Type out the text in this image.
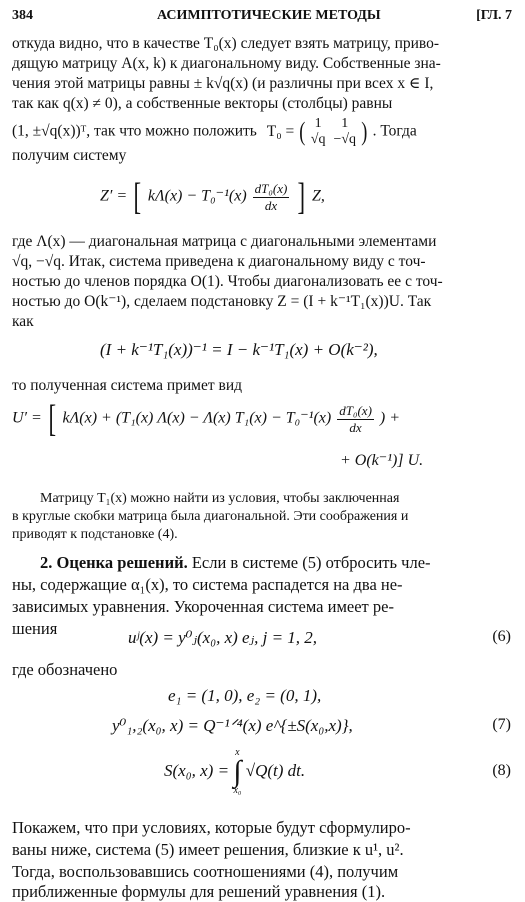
384	АСИМПТОТИЧЕСКИЕ МЕТОДЫ	[ГЛ. 7
откуда видно, что в качестве T₀(x) следует взять матрицу, приво-
дящую матрицу A(x, k) к диагональному виду. Собственные зна-
чения этой матрицы равны ± k√q(x) (и различны при всех x ∈ I,
так как q(x) ≠ 0), а собственные векторы (столбцы) равны
(1, ±√q(x))ᵀ, так что можно положить T₀ = ( 1	1
√q	−√q ) . Тогда
получим систему
Z′ = [ $k\Lambda(x) - T_0^{-1}(x) \frac{\text{dT₀(x)}}{dx}$ ] Z,
где Λ(x) — диагональная матрица с диагональными элементами
√q, −√q. Итак, система приведена к диагональному виду с точ-
ностью до членов порядка O(1). Чтобы диагонализовать ее с точ-
ностью до O(k⁻¹), сделаем подстановку Z = (I + k⁻¹T₁(x))U. Так
как
(I + k⁻¹T₁(x))⁻¹ = I − k⁻¹T₁(x) + O(k⁻²),
то полученная система примет вид
U′ = [ kΛ(x) + (T₁(x) Λ(x) − Λ(x) $T_1(x) - T_0^{-1}(x) \frac{\text{dT₀(x)}}{dx}$ ) +
+ O(k⁻¹)] U.
Матрицу T₁(x) можно найти из условия, чтобы заключенная
в круглые скобки матрица была диагональной. Эти соображения и
приводят к подстановке (4).
2. Оценка решений. Если в системе (5) отбросить чле-
ны, содержащие α₁(x), то система распадется на два не-
зависимых уравнения. Укороченная система имеет ре-
шения	uʲ(x) = y⁰ⱼ(x₀, x) eⱼ, j = 1, 2,	(6)
где обозначено
e₁ = (1, 0), e₂ = (0, 1),
y⁰₁,₂(x₀, x) = Q⁻¹ᐟ⁴(x) e^{±S(x₀,x)},	(7)
S(x₀, x) =
x
∫
x₀
√Q(t) dt.	(8)
Покажем, что при условиях, которые будут сформулиро-
ваны ниже, система (5) имеет решения, близкие к u¹, u².
Тогда, воспользовавшись соотношениями (4), получим
приближенные формулы для решений уравнения (1).
